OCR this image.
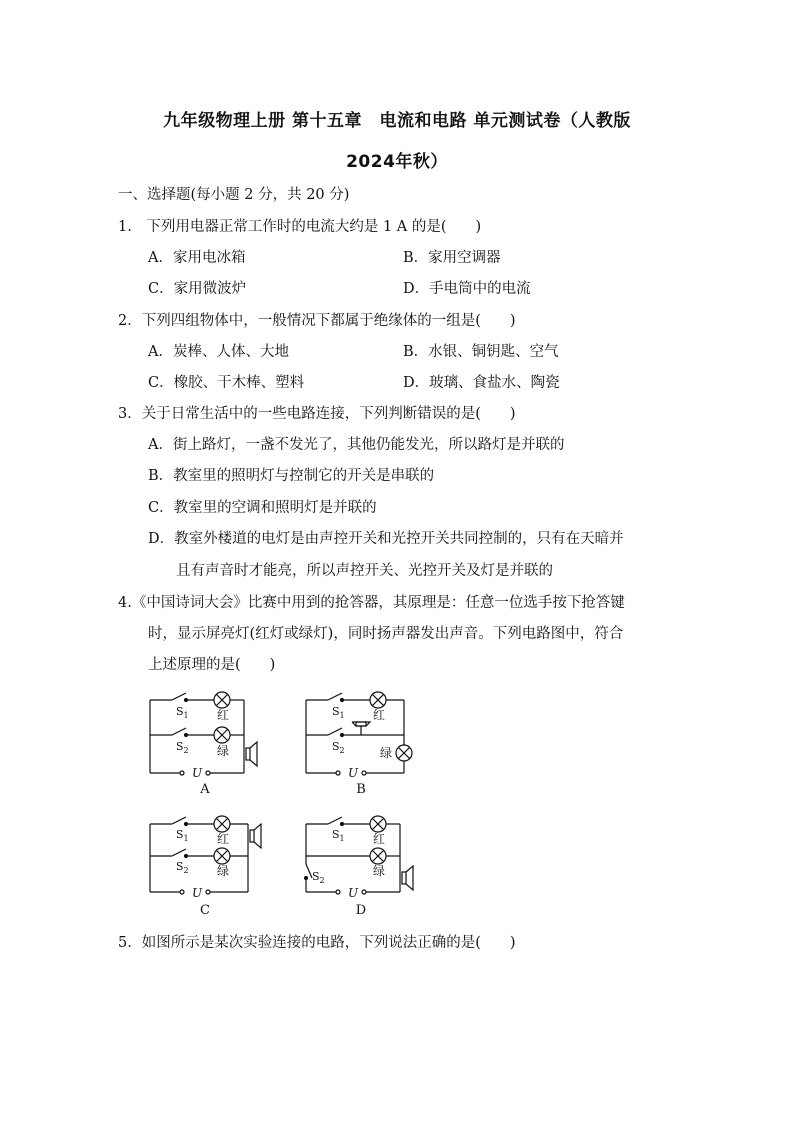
九年级物理上册 第十五章　电流和电路 单元测试卷（人教版
2024年秋）
一、选择题(每小题 2 分，共 20 分)
1.　下列用电器正常工作时的电流大约是 1 A 的是(　　)
A．家用电冰箱	B．家用空调器
C．家用微波炉	D．手电筒中的电流
2．下列四组物体中，一般情况下都属于绝缘体的一组是(　　)
A．炭棒、人体、大地	B．水银、铜钥匙、空气
C．橡胶、干木棒、塑料	D．玻璃、食盐水、陶瓷
3．关于日常生活中的一些电路连接，下列判断错误的是(　　)
A．街上路灯，一盏不发光了，其他仍能发光，所以路灯是并联的
B．教室里的照明灯与控制它的开关是串联的
C．教室里的空调和照明灯是并联的
D．教室外楼道的电灯是由声控开关和光控开关共同控制的，只有在天暗并
且有声音时才能亮，所以声控开关、光控开关及灯是并联的
4.《中国诗词大会》比赛中用到的抢答器，其原理是：任意一位选手按下抢答键
时，显示屏亮灯(红灯或绿灯)，同时扬声器发出声音。下列电路图中，符合
上述原理的是(　　)
$S_1$
$S_2$
红
绿
U
A
$S_1$
$S_2$
红
绿
U
B
$S_1$
$S_2$
红
绿
U
C
$S_1$
$S_2$
红
绿
U
D
5．如图所示是某次实验连接的电路，下列说法正确的是(　　)
